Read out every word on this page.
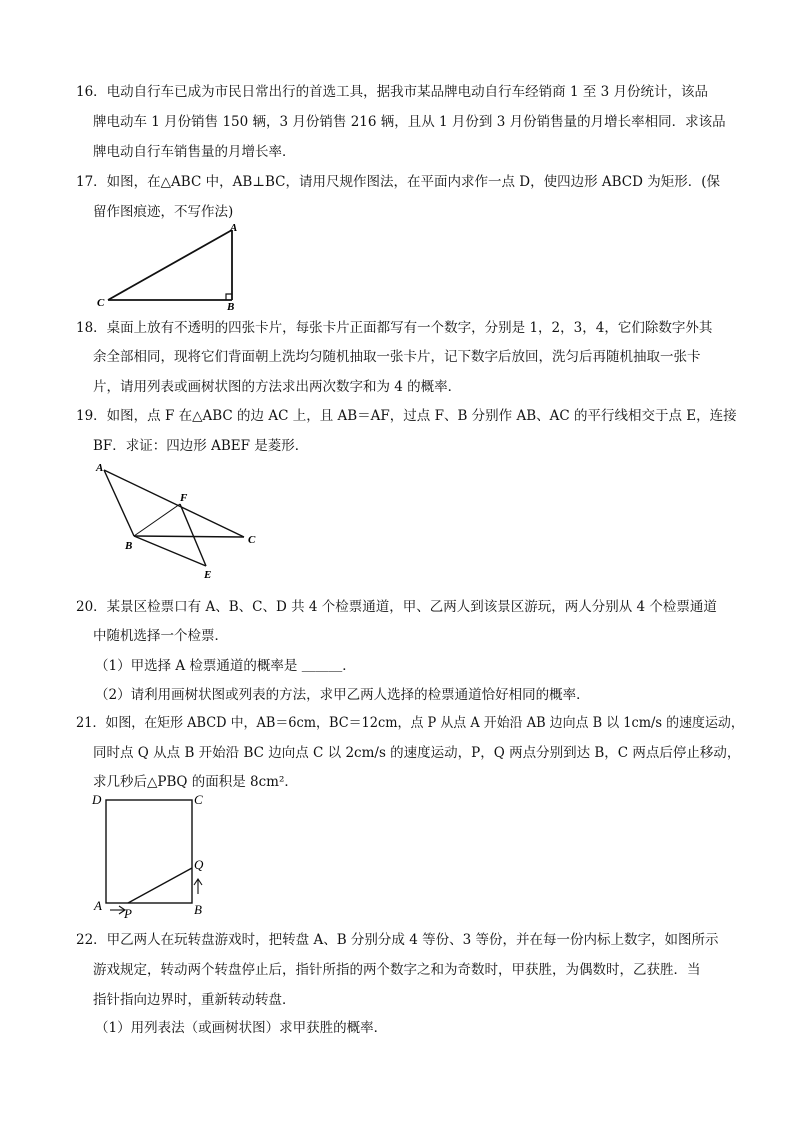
16．电动自行车已成为市民日常出行的首选工具，据我市某品牌电动自行车经销商 1 至 3 月份统计，该品
牌电动车 1 月份销售 150 辆，3 月份销售 216 辆，且从 1 月份到 3 月份销售量的月增长率相同．求该品
牌电动自行车销售量的月增长率．
17．如图，在△ABC 中，AB⊥BC，请用尺规作图法，在平面内求作一点 D，使四边形 ABCD 为矩形．(保
留作图痕迹，不写作法)
A
B
C
18．桌面上放有不透明的四张卡片，每张卡片正面都写有一个数字，分别是 1，2，3，4，它们除数字外其
余全部相同，现将它们背面朝上洗均匀随机抽取一张卡片，记下数字后放回，洗匀后再随机抽取一张卡
片，请用列表或画树状图的方法求出两次数字和为 4 的概率．
19．如图，点 F 在△ABC 的边 AC 上，且 AB＝AF，过点 F、B 分别作 AB、AC 的平行线相交于点 E，连接
BF．求证：四边形 ABEF 是菱形．
A
B	C
E
F
20．某景区检票口有 A、B、C、D 共 4 个检票通道，甲、乙两人到该景区游玩，两人分别从 4 个检票通道
中随机选择一个检票．
（1）甲选择 A 检票通道的概率是 ＿＿＿．
（2）请利用画树状图或列表的方法，求甲乙两人选择的检票通道恰好相同的概率．
21．如图，在矩形 ABCD 中，AB＝6cm，BC＝12cm，点 P 从点 A 开始沿 AB 边向点 B 以 1cm/s 的速度运动，
同时点 Q 从点 B 开始沿 BC 边向点 C 以 2cm/s 的速度运动，P，Q 两点分别到达 B，C 两点后停止移动，
求几秒后△PBQ 的面积是 8cm²．
D	C
A	B
P
Q
22．甲乙两人在玩转盘游戏时，把转盘 A、B 分别分成 4 等份、3 等份，并在每一份内标上数字，如图所示
游戏规定，转动两个转盘停止后，指针所指的两个数字之和为奇数时，甲获胜，为偶数时，乙获胜．当
指针指向边界时，重新转动转盘．
（1）用列表法（或画树状图）求甲获胜的概率．
